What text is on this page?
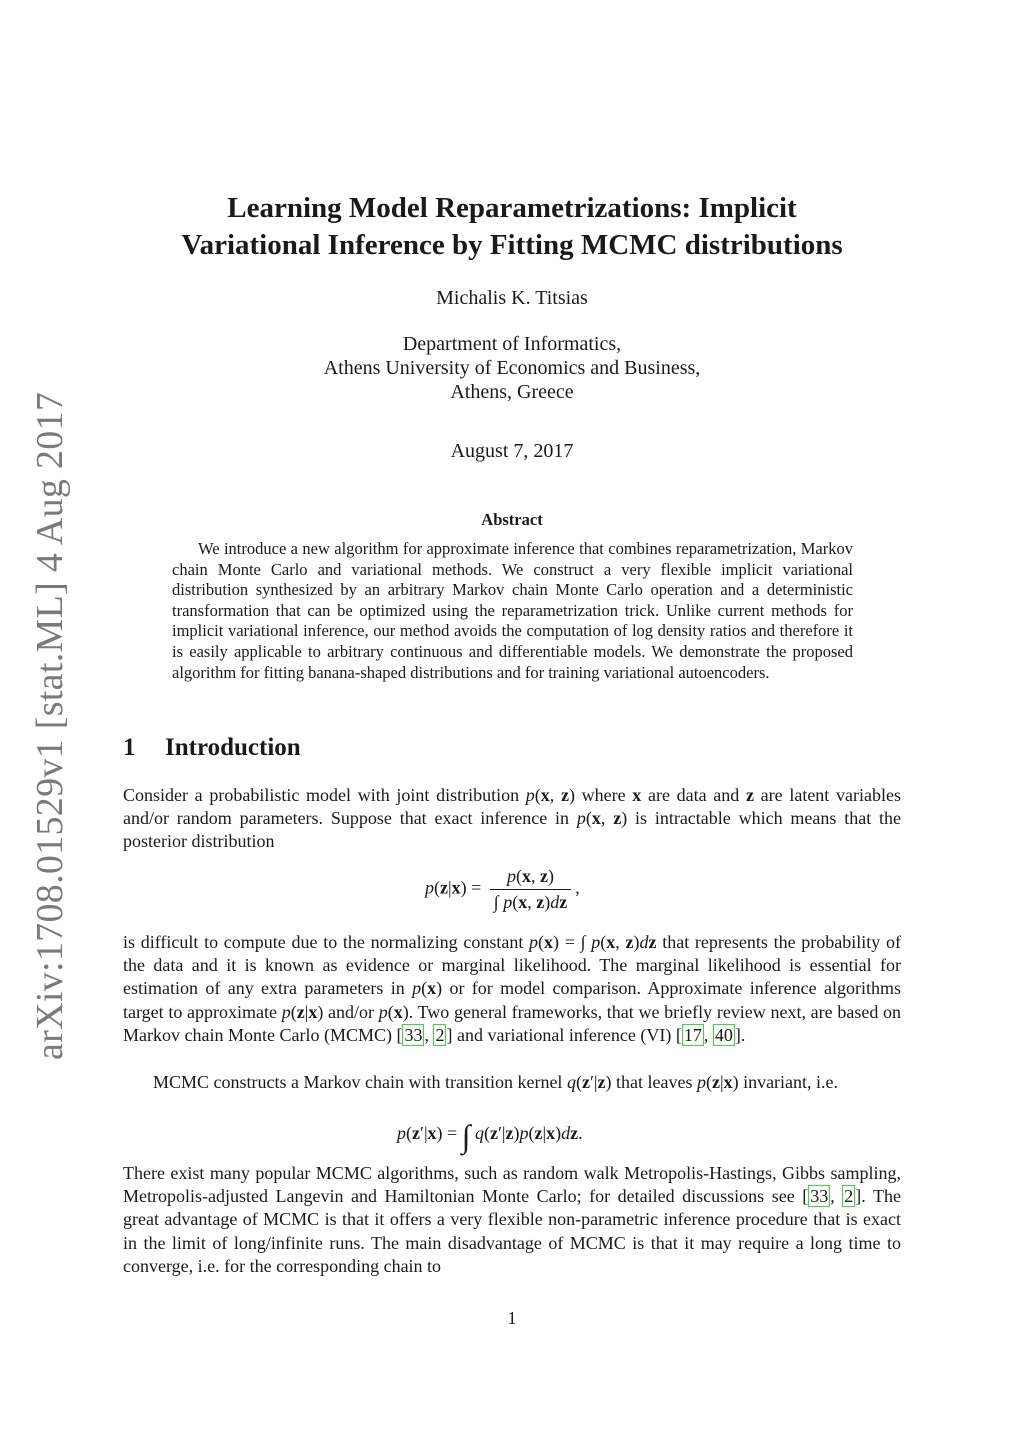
arXiv:1708.01529v1 [stat.ML] 4 Aug 2017
Learning Model Reparametrizations: Implicit
Variational Inference by Fitting MCMC distributions
Michalis K. Titsias
Department of Informatics,
Athens University of Economics and Business,
Athens, Greece
August 7, 2017
Abstract
We introduce a new algorithm for approximate inference that combines reparametrization, Markov chain Monte Carlo and variational methods. We construct a very flexible implicit variational distribution synthesized by an arbitrary Markov chain Monte Carlo operation and a deterministic transformation that can be optimized using the reparametrization trick. Unlike current methods for implicit variational inference, our method avoids the computation of log density ratios and therefore it is easily applicable to arbitrary continuous and differentiable models. We demonstrate the proposed algorithm for fitting banana-shaped distributions and for training variational autoencoders.
1 Introduction
Consider a probabilistic model with joint distribution p(x, z) where x are data and z are latent variables and/or random parameters. Suppose that exact inference in p(x, z) is intractable which means that the posterior distribution
$p(z|x) = \frac{p(x, z)}{\int p(x, z)dz}$ ,
is difficult to compute due to the normalizing constant p(x) = ∫ p(x, z)dz that represents the probability of the data and it is known as evidence or marginal likelihood. The marginal likelihood is essential for estimation of any extra parameters in p(x) or for model comparison. Approximate inference algorithms target to approximate p(z|x) and/or p(x). Two general frameworks, that we briefly review next, are based on Markov chain Monte Carlo (MCMC) [ 33 , 2 ] and variational inference (VI) [ 17 , 40 ].
MCMC constructs a Markov chain with transition kernel q(z′|z) that leaves p(z|x) invariant, i.e.
p(z′|x) = ∫ q(z′|z)p(z|x)dz.
There exist many popular MCMC algorithms, such as random walk Metropolis-Hastings, Gibbs sampling, Metropolis-adjusted Langevin and Hamiltonian Monte Carlo; for detailed discussions see [ 33 , 2 ]. The great advantage of MCMC is that it offers a very flexible non-parametric inference procedure that is exact in the limit of long/infinite runs. The main disadvantage of MCMC is that it may require a long time to converge, i.e. for the corresponding chain to
1
